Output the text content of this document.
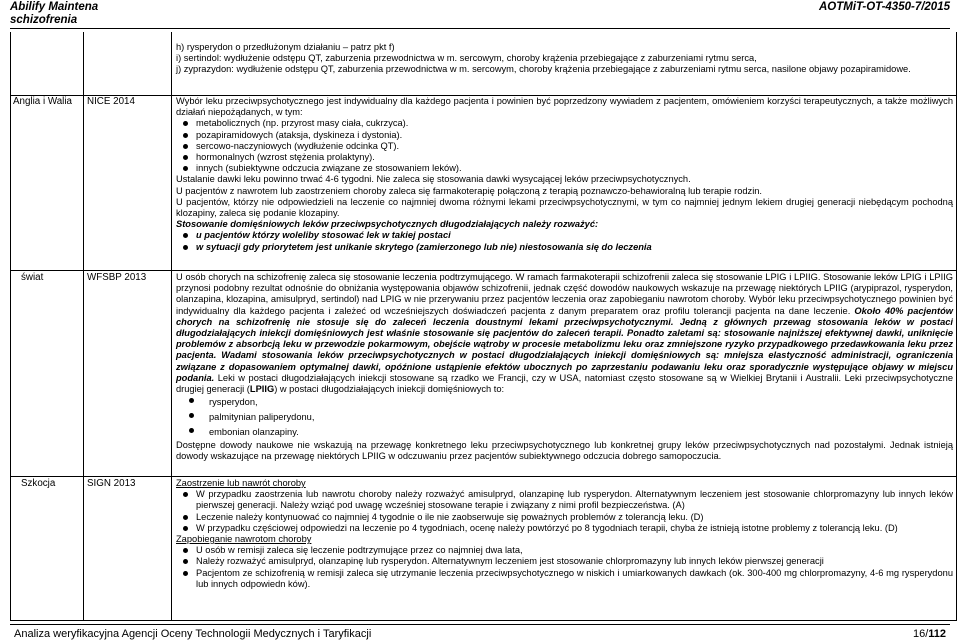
Abilify Maintena
schizofrenia
AOTMiT-OT-4350-7/2015

h) rysperydon o przedłużonym działaniu – patrz pkt f)

i) sertindol: wydłużenie odstępu QT, zaburzenia przewodnictwa w m. sercowym, choroby krążenia przebiegające z zaburzeniami rytmu serca,

j) zyprazydon: wydłużenie odstępu QT, zaburzenia przewodnictwa w m. sercowym, choroby krążenia przebiegające z zaburzeniami rytmu serca, nasilone objawy pozapiramidowe.

Anglia i Walia NICE 2014	Wybór leku przeciwpsychotycznego jest indywidualny dla każdego pacjenta i powinien być poprzedzony wywiadem z pacjentem, omówieniem korzyści terapeutycznych, a także możliwych działań niepożądanych, w tym:

metabolicznych (np. przyrost masy ciała, cukrzyca).

pozapiramidowych (ataksja, dyskineza i dystonia).

sercowo-naczyniowych (wydłużenie odcinka QT).

hormonalnych (wzrost stężenia prolaktyny).

innych (subiektywne odczucia związane ze stosowaniem leków).

Ustalanie dawki leku powinno trwać 4-6 tygodni. Nie zaleca się stosowania dawki wysycającej leków przeciwpsychotycznych.

U pacjentów z nawrotem lub zaostrzeniem choroby zaleca się farmakoterapię połączoną z terapią poznawczo-behawioralną lub terapie rodzin.

U pacjentów, którzy nie odpowiedzieli na leczenie co najmniej dwoma różnymi lekami przeciwpsychotycznymi, w tym co najmniej jednym lekiem drugiej generacji niebędącym pochodną klozapiny, zaleca się podanie klozapiny.

Stosowanie domięśniowych leków przeciwpsychotycznych długodziałających należy rozważyć:

u pacjentów którzy woleliby stosować lek w takiej postaci

w sytuacji gdy priorytetem jest unikanie skrytego (zamierzonego lub nie) niestosowania się do leczenia

świat	WFSBP 2013	U osób chorych na schizofrenię zaleca się stosowanie leczenia podtrzymującego. W ramach farmakoterapii schizofrenii zaleca się stosowanie LPIG i LPIIG. Stosowanie leków LPIG i LPIIG przynosi podobny rezultat odnośnie do obniżania występowania objawów schizofrenii, jednak część dowodów naukowych wskazuje na przewagę niektórych LPIIG (arypiprazol, rysperydon, olanzapina, klozapina, amisulpryd, sertindol) nad LPIG w nie przerywaniu przez pacjentów leczenia oraz zapobieganiu nawrotom choroby. Wybór leku przeciwpsychotycznego powinien być indywidualny dla każdego pacjenta i zależeć od wcześniejszych doświadczeń pacjenta z danym preparatem oraz profilu tolerancji pacjenta na dane leczenie. Około 40% pacjentów chorych na schizofrenię nie stosuje się do zaleceń leczenia doustnymi lekami przeciwpsychotycznymi. Jedną z głównych przewag stosowania leków w postaci długodziałających iniekcji domięśniowych jest właśnie stosowanie się pacjentów do zaleceń terapii. Ponadto zaletami są: stosowanie najniższej efektywnej dawki, uniknięcie problemów z absorbcją leku w przewodzie pokarmowym, obejście wątroby w procesie metabolizmu leku oraz zmniejszone ryzyko przypadkowego przedawkowania leku przez pacjenta. Wadami stosowania leków przeciwpsychotycznych w postaci długodziałających iniekcji domięśniowych są: mniejsza elastyczność administracji, ograniczenia związane z dopasowaniem optymalnej dawki, opóźnione ustąpienie efektów ubocznych po zaprzestaniu podawaniu leku oraz sporadycznie występujące objawy w miejscu podania. Leki w postaci długodziałających iniekcji stosowane są rzadko we Francji, czy w USA, natomiast często stosowane są w Wielkiej Brytanii i Australii. Leki przeciwpsychotyczne drugiej generacji (LPIIG) w postaci długodziałających iniekcji domięśniowych to:

rysperydon,

palmitynian paliperydonu,

embonian olanzapiny.

Dostępne dowody naukowe nie wskazują na przewagę konkretnego leku przeciwpsychotycznego lub konkretnej grupy leków przeciwpsychotycznych nad pozostałymi. Jednak istnieją dowody wskazujące na przewagę niektórych LPIIG w odczuwaniu przez pacjentów subiektywnego odczucia dobrego samopoczucia.

Szkocja	SIGN 2013	Zaostrzenie lub nawrót choroby

W przypadku zaostrzenia lub nawrotu choroby należy rozważyć amisulpryd, olanzapinę lub rysperydon. Alternatywnym leczeniem jest stosowanie chlorpromazyny lub innych leków pierwszej generacji. Należy wziąć pod uwagę wcześniej stosowane terapie i związany z nimi profil bezpieczeństwa. (A)

Leczenie należy kontynuować co najmniej 4 tygodnie o ile nie zaobserwuje się poważnych problemów z tolerancją leku. (D)

W przypadku częściowej odpowiedzi na leczenie po 4 tygodniach, ocenę należy powtórzyć po 8 tygodniach terapii, chyba że istnieją istotne problemy z tolerancją leku. (D)

Zapobieganie nawrotom choroby

U osób w remisji zaleca się leczenie podtrzymujące przez co najmniej dwa lata,

Należy rozważyć amisulpryd, olanzapinę lub rysperydon. Alternatywnym leczeniem jest stosowanie chlorpromazyny lub innych leków pierwszej generacji

Pacjentom ze schizofrenią w remisji zaleca się utrzymanie leczenia przeciwpsychotycznego w niskich i umiarkowanych dawkach (ok. 300-400 mg chlorpromazyny, 4-6 mg rysperydonu lub innych odpowiedn ków).

Analiza weryfikacyjna Agencji Oceny Technologii Medycznych i Taryfikacji	16/112
